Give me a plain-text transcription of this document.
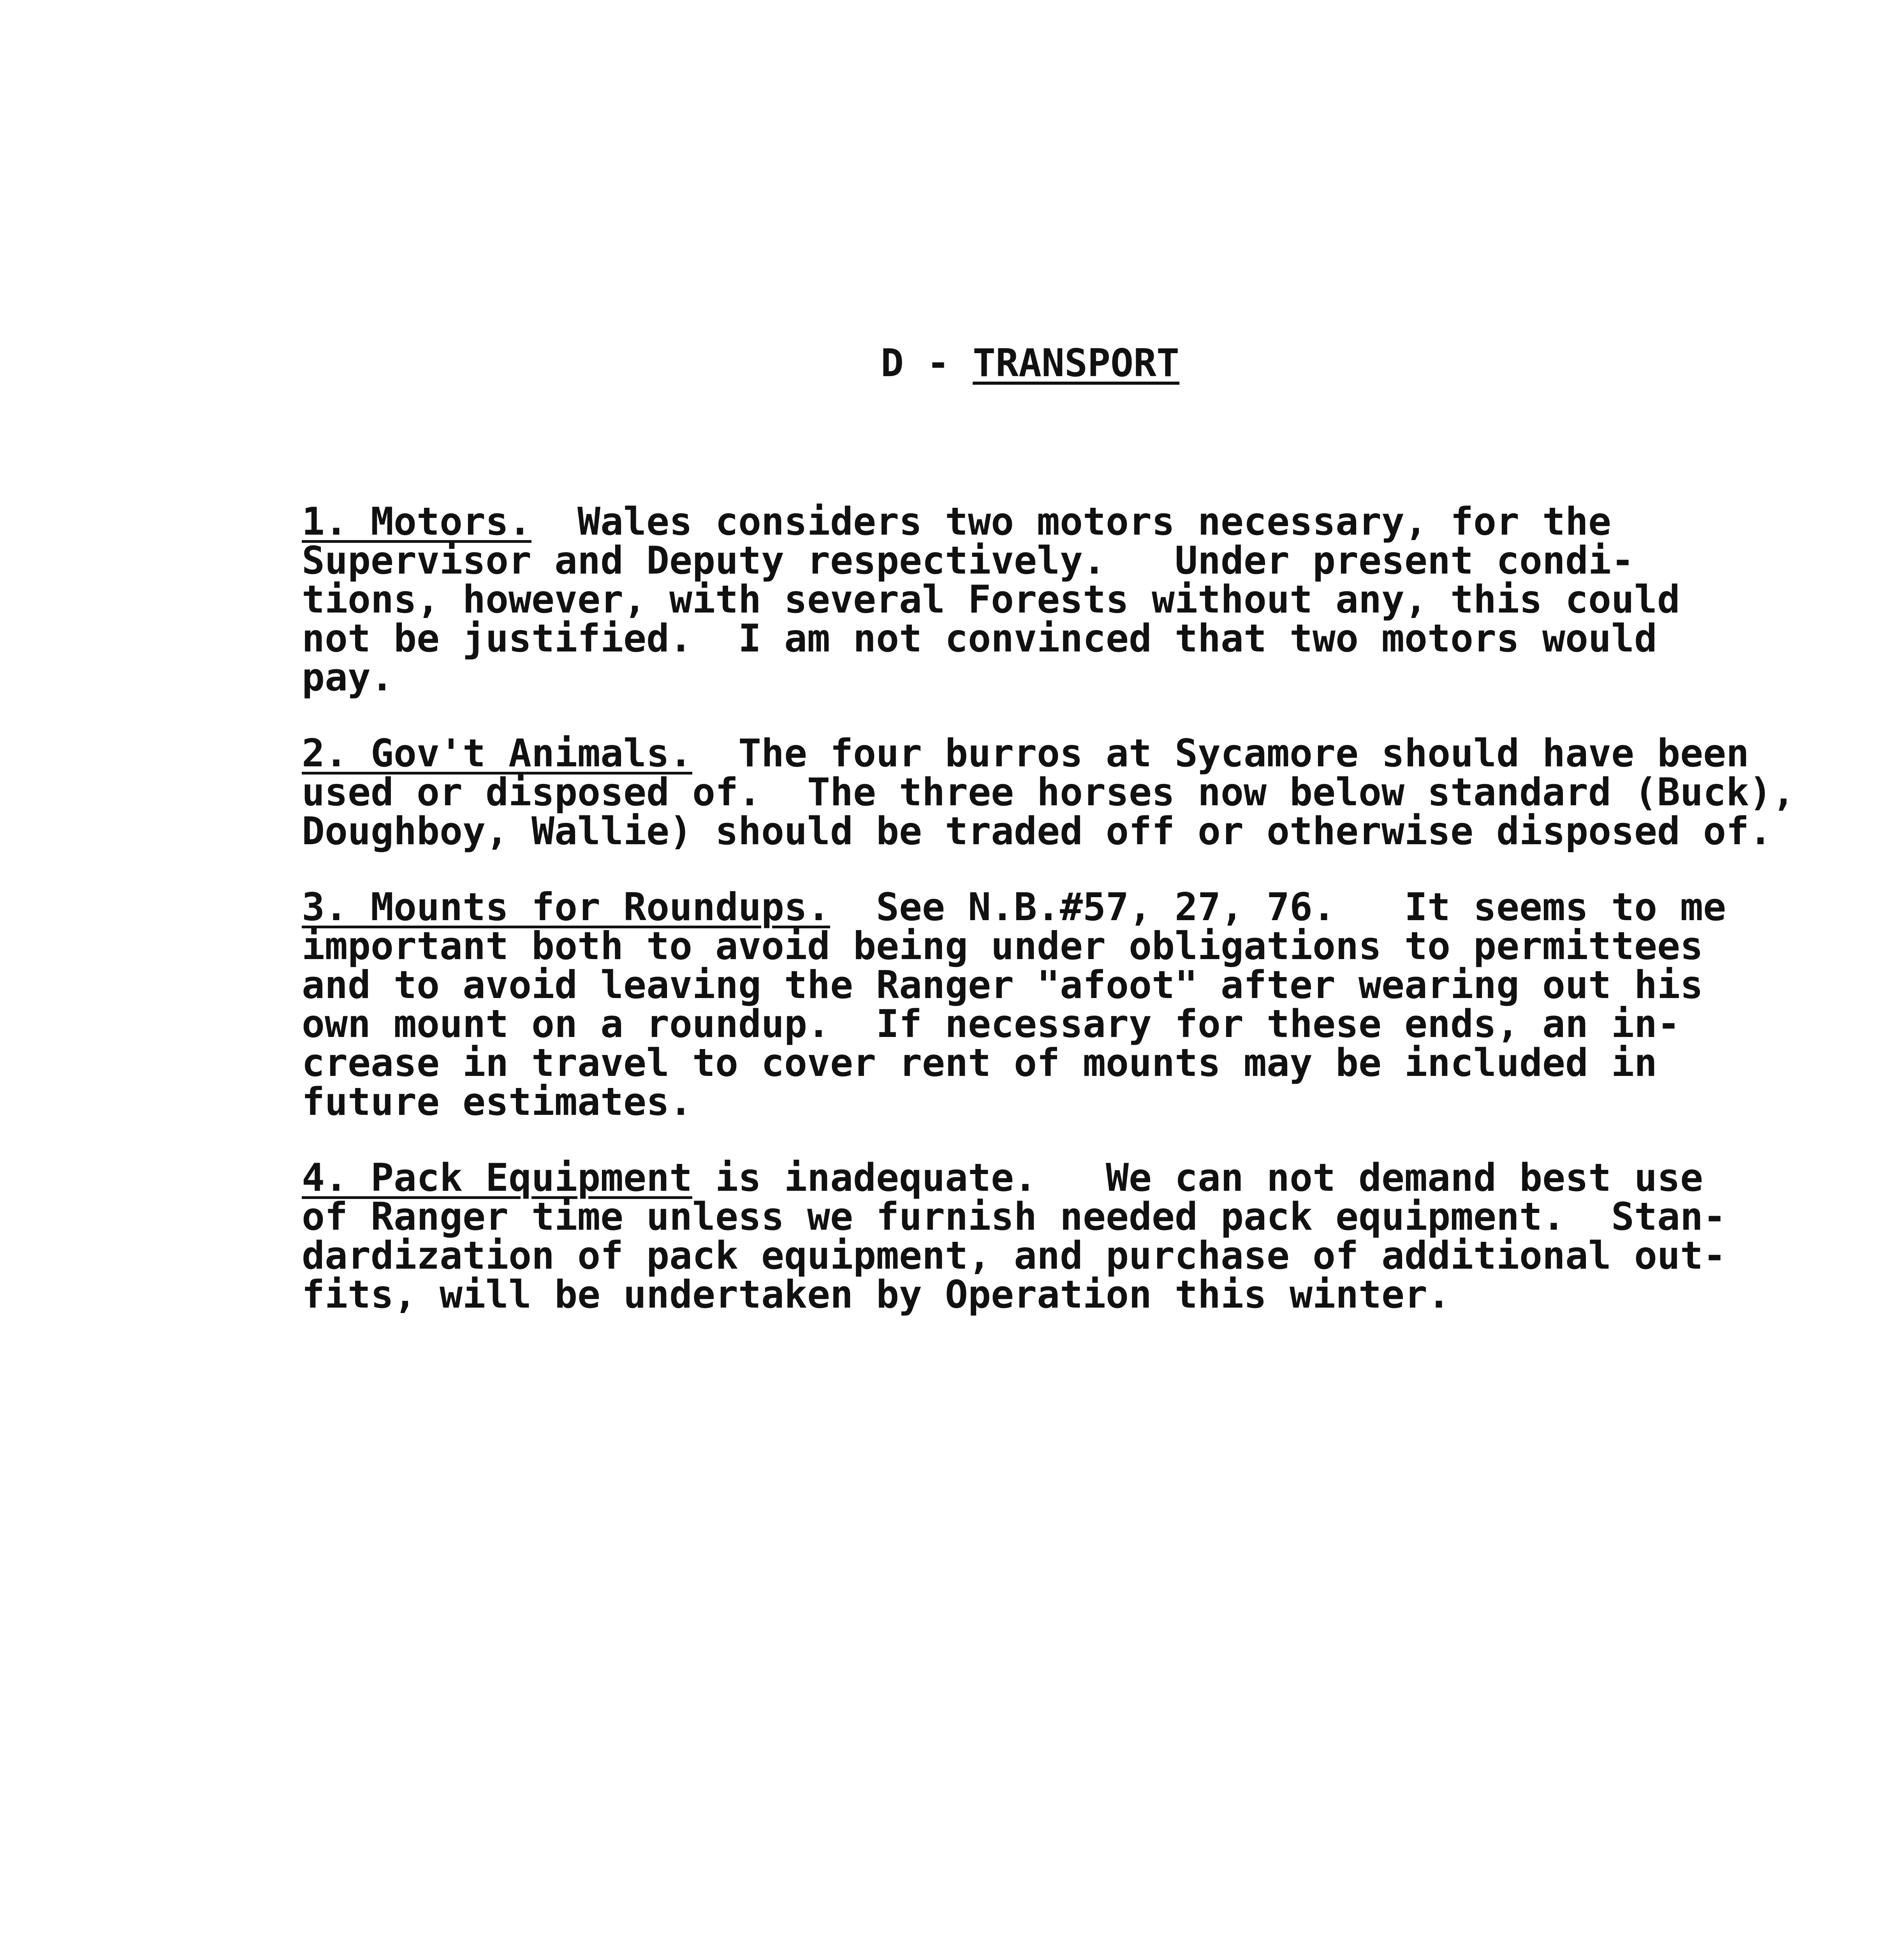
D - TRANSPORT

1. Motors.  Wales considers two motors necessary, for the
Supervisor and Deputy respectively.   Under present condi-
tions, however, with several Forests without any, this could
not be justified.  I am not convinced that two motors would
pay.

2. Gov't Animals.  The four burros at Sycamore should have been
used or disposed of.  The three horses now below standard (Buck),
Doughboy, Wallie) should be traded off or otherwise disposed of.

3. Mounts for Roundups.  See N.B.#57, 27, 76.   It seems to me
important both to avoid being under obligations to permittees
and to avoid leaving the Ranger "afoot" after wearing out his
own mount on a roundup.  If necessary for these ends, an in-
crease in travel to cover rent of mounts may be included in
future estimates.

4. Pack Equipment is inadequate.   We can not demand best use
of Ranger time unless we furnish needed pack equipment.  Stan-
dardization of pack equipment, and purchase of additional out-
fits, will be undertaken by Operation this winter.
